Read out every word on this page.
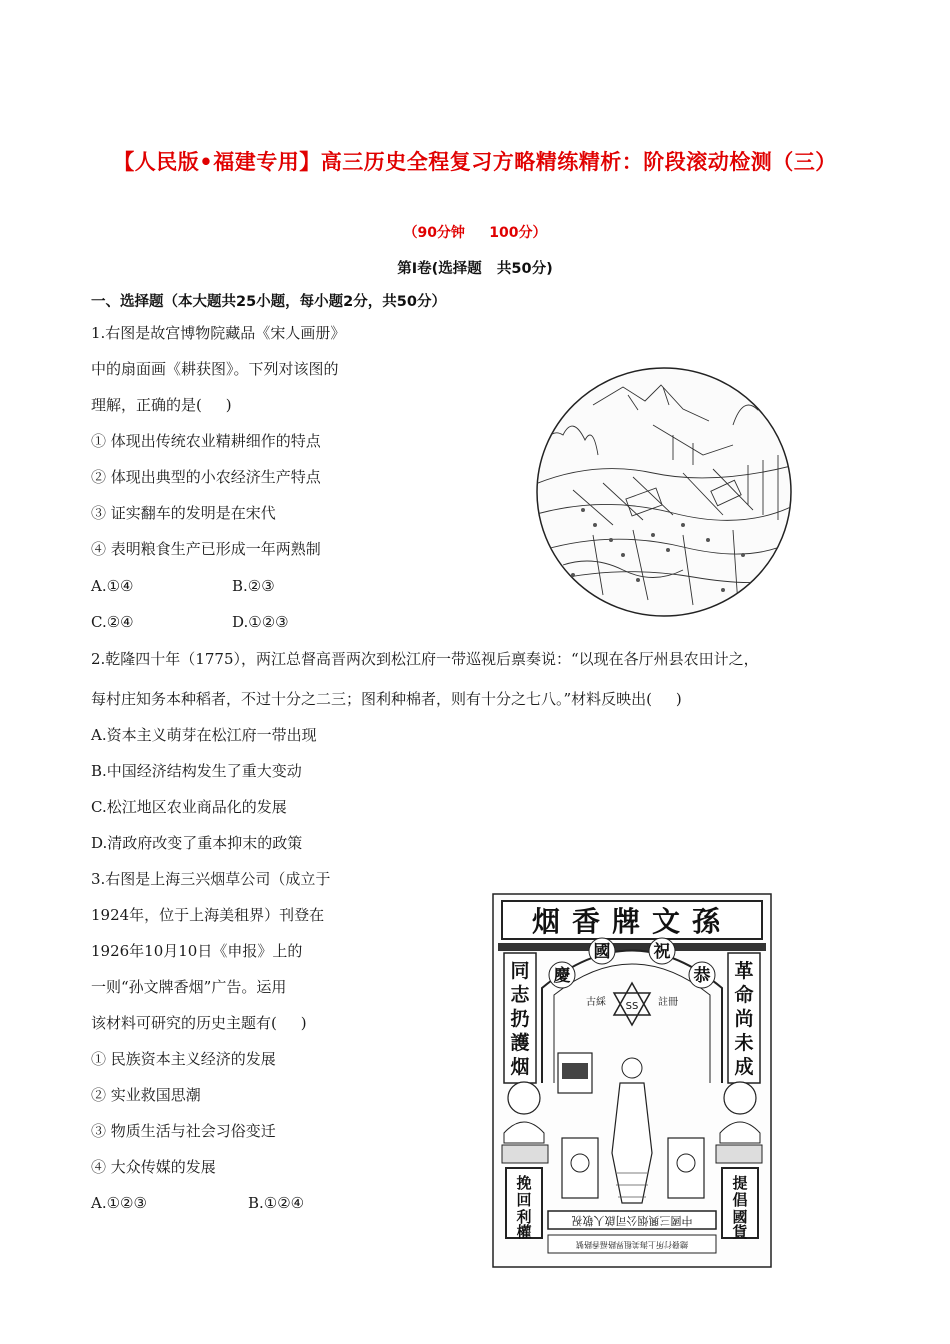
【人民版•福建专用】高三历史全程复习方略精练精析：阶段滚动检测（三）
（90分钟     100分）
第Ⅰ卷(选择题   共50分)
一、选择题（本大题共25小题，每小题2分，共50分）
1.右图是故宫博物院藏品《宋人画册》
中的扇面画《耕获图》。下列对该图的
理解，正确的是(     )
① 体现出传统农业精耕细作的特点
② 体现出典型的小农经济生产特点
③ 证实翻车的发明是在宋代
④ 表明粮食生产已形成一年两熟制
A.①④	B.②③
C.②④	D.①②③
2.乾隆四十年（1775），两江总督高晋两次到松江府一带巡视后禀奏说：“以现在各厅州县农田计之，
每村庄知务本种稻者，不过十分之二三；图利种棉者，则有十分之七八。”材料反映出(     )
A.资本主义萌芽在松江府一带出现
B.中国经济结构发生了重大变动
C.松江地区农业商品化的发展
D.清政府改变了重本抑末的政策
3.右图是上海三兴烟草公司（成立于
1924年，位于上海美租界）刊登在
1926年10月10日《申报》上的
一则“孙文牌香烟”广告。运用
该材料可研究的历史主题有(     )
① 民族资本主义经济的发展
② 实业救国思潮
③ 物质生活与社会习俗变迁
④ 大众传媒的发展
A.①②③	B.①②④
烟香牌文孫
同
志
扔
護
烟
革
命
尚
未
成
慶
國	祝
恭
SS
古綵	註冊
挽
回
利
權
提
倡
國
貨
中國三興烟公司啟人敬祝
總發行所上海美租界路福香路號
